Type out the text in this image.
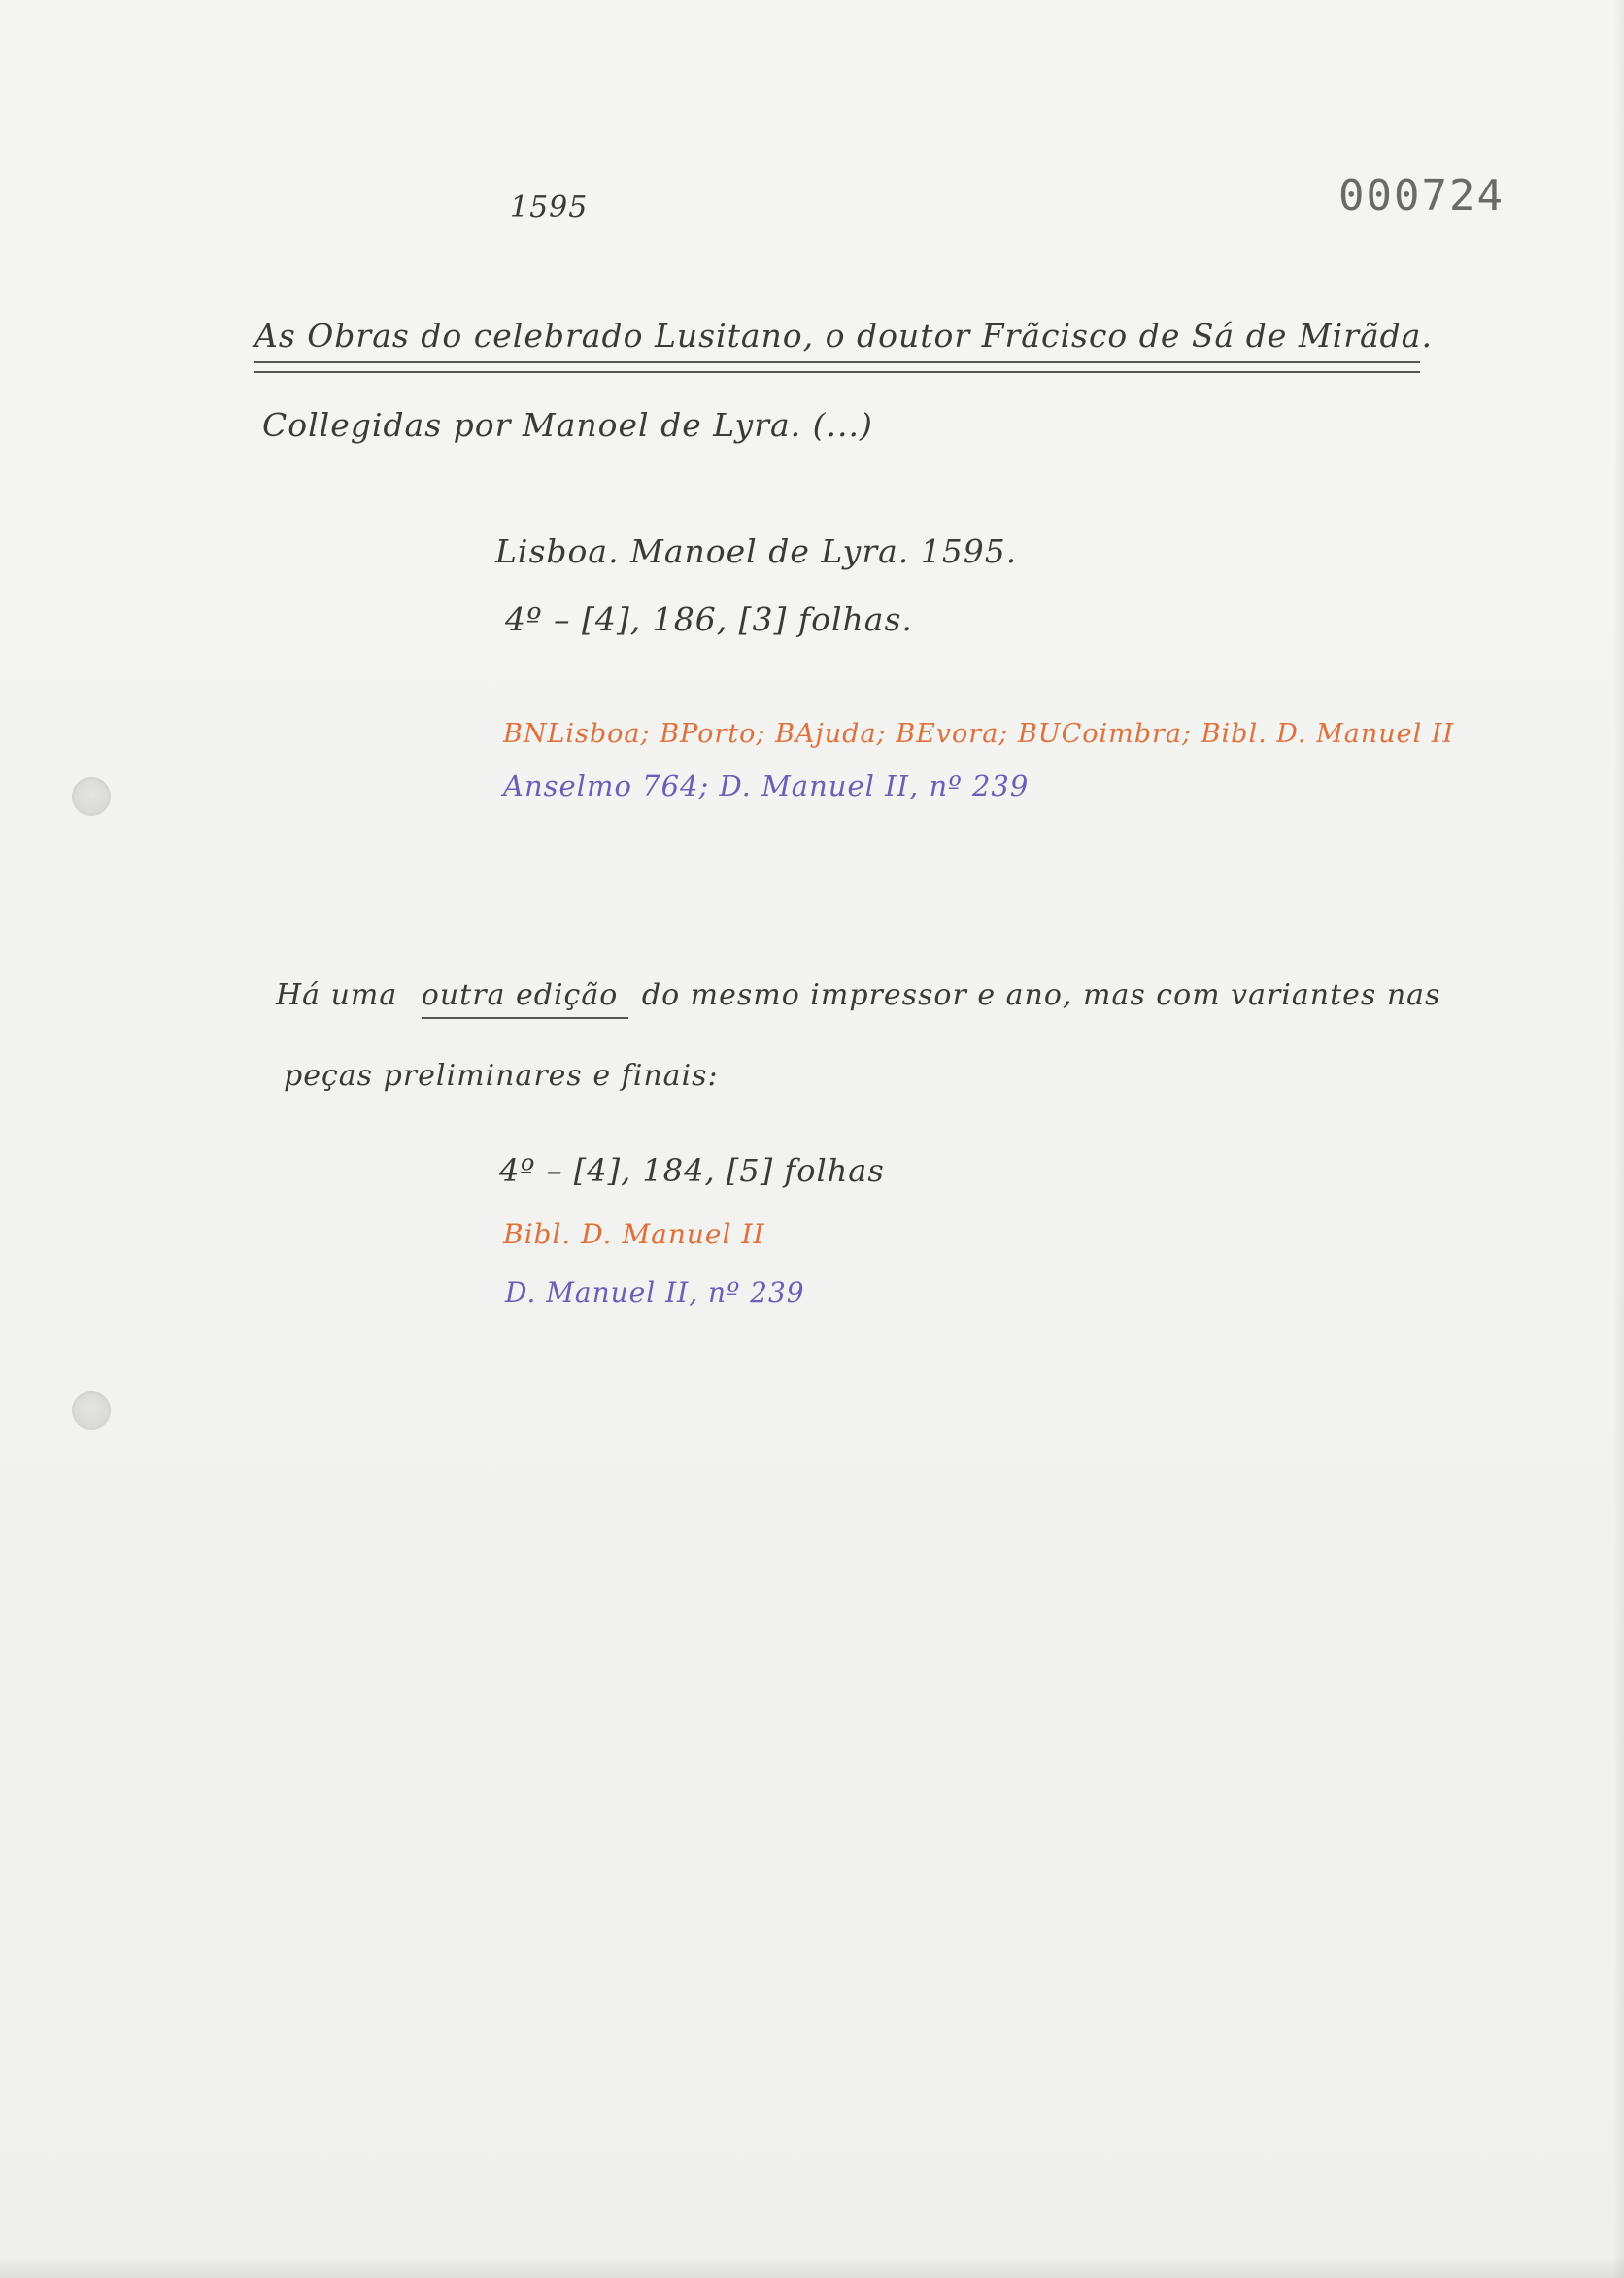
1595	000724
As Obras do celebrado Lusitano, o doutor Frãcisco de Sá de Mirãda.
Collegidas por Manoel de Lyra. (...)
Lisboa. Manoel de Lyra. 1595.
4º – [4], 186, [3] folhas.
BNLisboa; BPorto; BAjuda; BEvora; BUCoimbra; Bibl. D. Manuel II
Anselmo 764; D. Manuel II, nº 239
Há uma outra edição do mesmo impressor e ano, mas com variantes nas
peças preliminares e finais:
4º – [4], 184, [5] folhas
Bibl. D. Manuel II
D. Manuel II, nº 239
